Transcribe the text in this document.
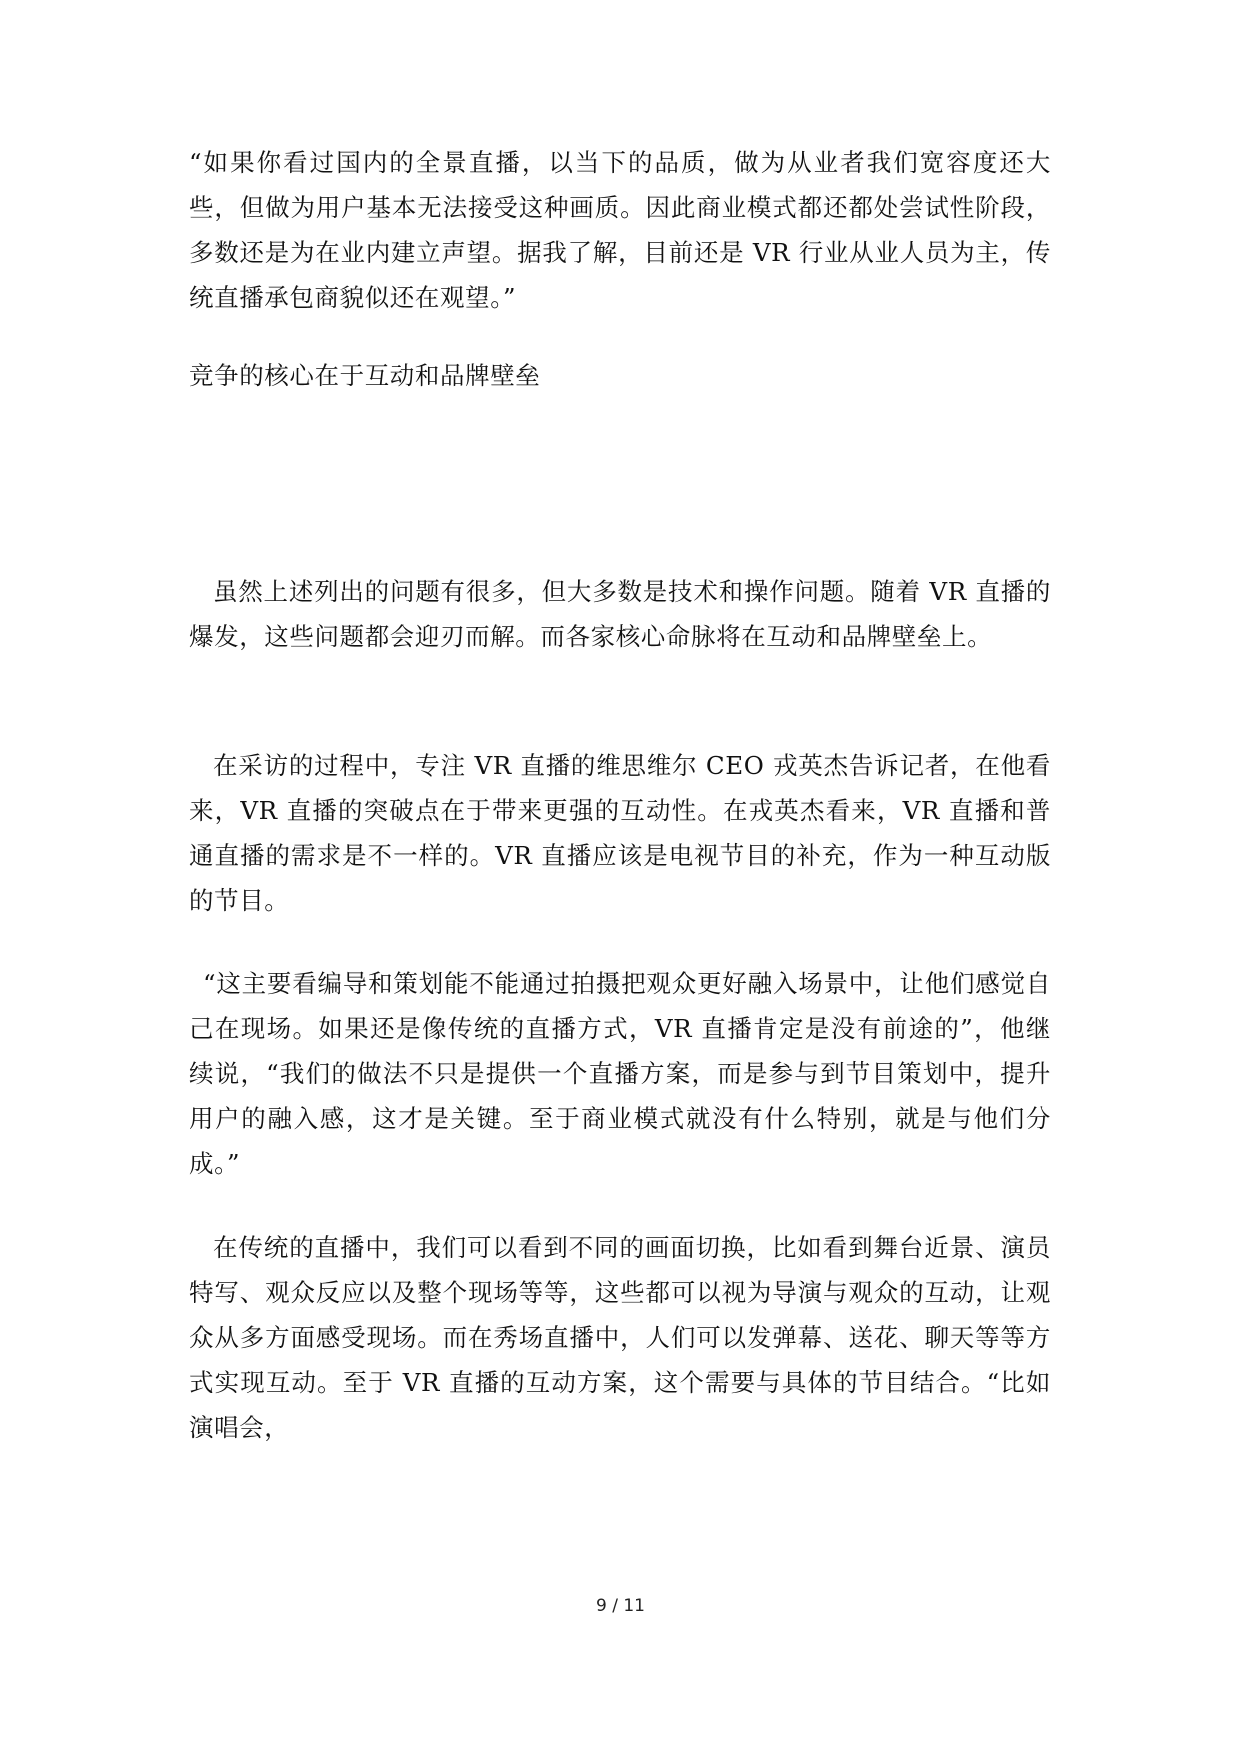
“如果你看过国内的全景直播，以当下的品质，做为从业者我们宽容度还大些，但做为用户基本无法接受这种画质。因此商业模式都还都处尝试性阶段，多数还是为在业内建立声望。据我了解，目前还是 VR 行业从业人员为主，传统直播承包商貌似还在观望。”

竞争的核心在于互动和品牌壁垒

虽然上述列出的问题有很多，但大多数是技术和操作问题。随着 VR 直播的爆发，这些问题都会迎刃而解。而各家核心命脉将在互动和品牌壁垒上。

在采访的过程中，专注 VR 直播的维思维尔 CEO 戎英杰告诉记者，在他看来，VR 直播的突破点在于带来更强的互动性。在戎英杰看来，VR 直播和普通直播的需求是不一样的。VR 直播应该是电视节目的补充，作为一种互动版的节目。

“这主要看编导和策划能不能通过拍摄把观众更好融入场景中，让他们感觉自己在现场。如果还是像传统的直播方式，VR 直播肯定是没有前途的”，他继续说，“我们的做法不只是提供一个直播方案，而是参与到节目策划中，提升用户的融入感，这才是关键。至于商业模式就没有什么特别，就是与他们分成。”

在传统的直播中，我们可以看到不同的画面切换，比如看到舞台近景、演员特写、观众反应以及整个现场等等，这些都可以视为导演与观众的互动，让观众从多方面感受现场。而在秀场直播中，人们可以发弹幕、送花、聊天等等方式实现互动。至于 VR 直播的互动方案，这个需要与具体的节目结合。“比如演唱会，

9 / 11
